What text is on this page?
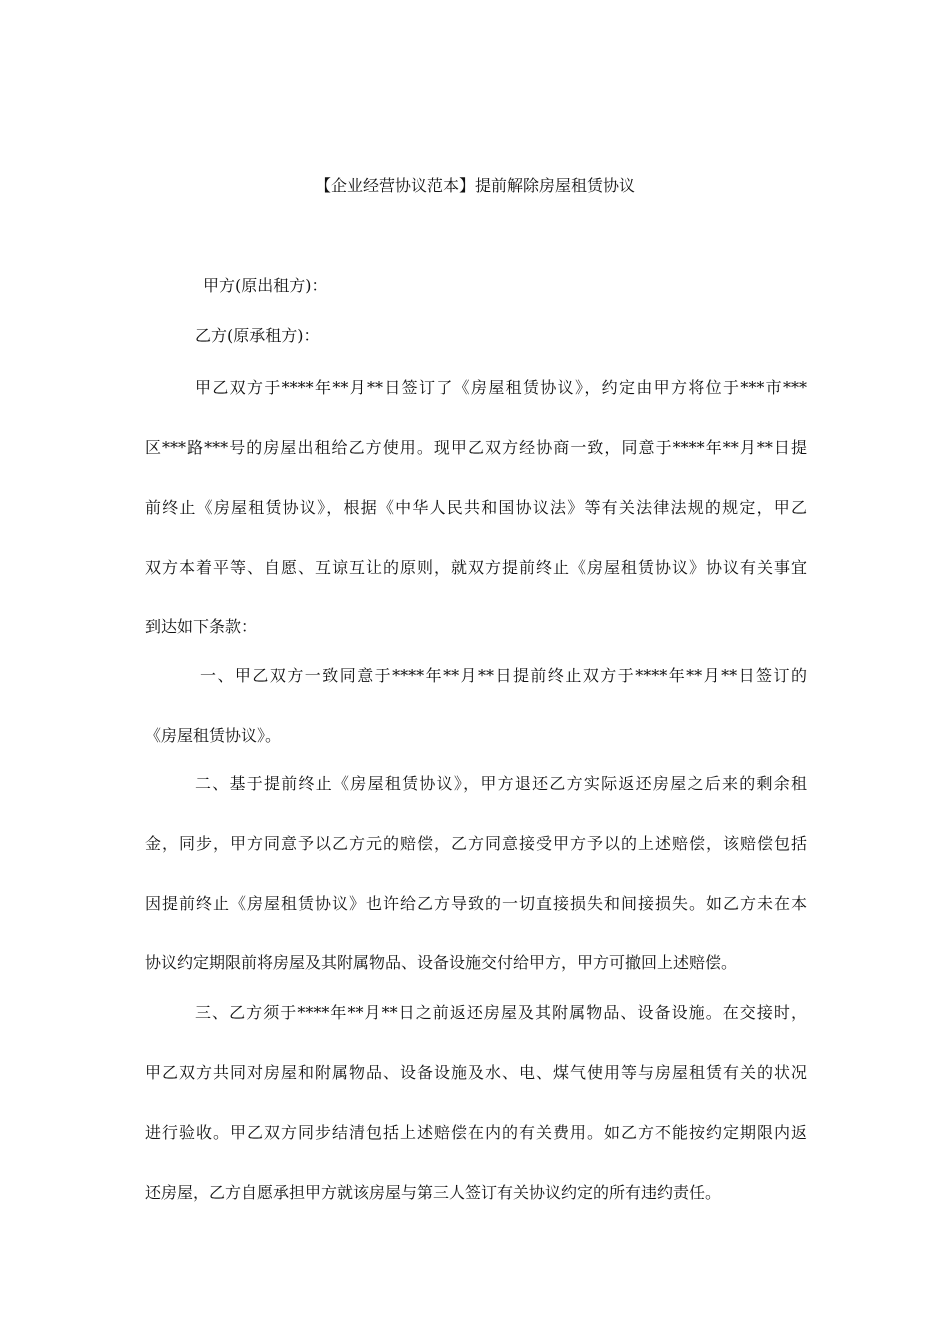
【企业经营协议范本】提前解除房屋租赁协议
甲方(原出租方)：
乙方(原承租方)：
甲乙双方于****年**月**日签订了《房屋租赁协议》，约定由甲方将位于***市***
区***路***号的房屋出租给乙方使用。现甲乙双方经协商一致，同意于****年**月**日提
前终止《房屋租赁协议》，根据《中华人民共和国协议法》等有关法律法规的规定，甲乙
双方本着平等、自愿、互谅互让的原则，就双方提前终止《房屋租赁协议》协议有关事宜
到达如下条款：
一、甲乙双方一致同意于****年**月**日提前终止双方于****年**月**日签订的
《房屋租赁协议》。
二、基于提前终止《房屋租赁协议》，甲方退还乙方实际返还房屋之后来的剩余租
金，同步，甲方同意予以乙方元的赔偿，乙方同意接受甲方予以的上述赔偿，该赔偿包括
因提前终止《房屋租赁协议》也许给乙方导致的一切直接损失和间接损失。如乙方未在本
协议约定期限前将房屋及其附属物品、设备设施交付给甲方，甲方可撤回上述赔偿。
三、乙方须于****年**月**日之前返还房屋及其附属物品、设备设施。在交接时，
甲乙双方共同对房屋和附属物品、设备设施及水、电、煤气使用等与房屋租赁有关的状况
进行验收。甲乙双方同步结清包括上述赔偿在内的有关费用。如乙方不能按约定期限内返
还房屋，乙方自愿承担甲方就该房屋与第三人签订有关协议约定的所有违约责任。
